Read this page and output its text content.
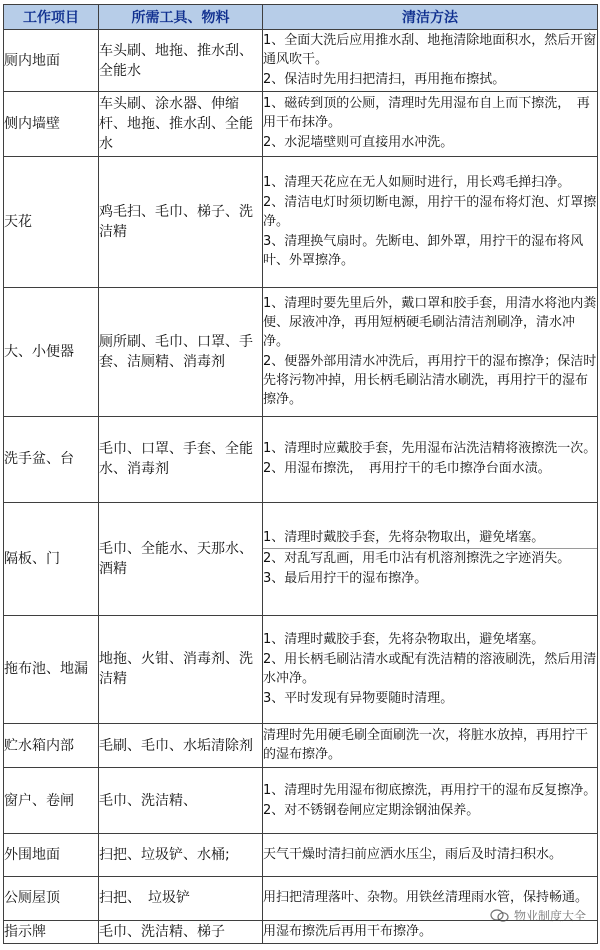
工作项目	所需工具、物料	清洁方法
厕内地面	车头刷、地拖、推水刮、全能水	1、全面大洗后应用推水刮、地拖清除地面积水，然后开窗通风吹干。
2、保洁时先用扫把清扫，再用拖布擦拭。

侧内墙壁	车头刷、涂水器、伸缩杆、地拖、推水刮、全能水	1、磁砖到顶的公厕，清理时先用湿布自上而下擦洗，　再用干布抹净。
2、水泥墙壁则可直接用水冲洗。

天花	鸡毛扫、毛巾、梯子、洗洁精	1、清理天花应在无人如厕时进行，用长鸡毛掸扫净。
2、清洁电灯时须切断电源，用拧干的湿布将灯泡、灯罩擦净。
3、清理换气扇时。先断电、卸外罩，用拧干的湿布将风叶、外罩擦净。

大、小便器	厕所刷、毛巾、口罩、手套、洁厕精、消毒剂	1、清理时要先里后外，戴口罩和胶手套，用清水将池内粪便、尿液冲净，再用短柄硬毛刷沾清洁剂刷净，清水冲净。
2、便器外部用清水冲洗后，再用拧干的湿布擦净；保洁时先将污物冲掉，用长柄毛刷沾清水刷洗，再用拧干的湿布擦净。

洗手盆、台	毛巾、口罩、手套、全能水、消毒剂	1、清理时应戴胶手套，先用湿布沾洗洁精将液擦洗一次。
2、用湿布擦洗，　再用拧干的毛巾擦净台面水渍。

隔板、门	毛巾、全能水、天那水、酒精	1、清理时戴胶手套，先将杂物取出，避免堵塞。
2、对乱写乱画，用毛巾沾有机溶剂擦洗之字迹消失。
3、最后用拧干的湿布擦净。

拖布池、地漏	地拖、火钳、消毒剂、洗洁精	1、清理时戴胶手套，先将杂物取出，避免堵塞。
2、用长柄毛刷沾清水或配有洗洁精的溶液刷洗，然后用清水冲净。
3、平时发现有异物要随时清理。

贮水箱内部	毛刷、毛巾、水垢清除剂	清理时先用硬毛刷全面刷洗一次，将脏水放掉，再用拧干的湿布擦净。

窗户、卷闸	毛巾、洗洁精、	1、清理时先用湿布彻底擦洗，再用拧干的湿布反复擦净。
2、对不锈钢卷闸应定期涂钢油保养。

外围地面	扫把、垃圾铲、水桶;	天气干燥时清扫前应洒水压尘，雨后及时清扫积水。

公厕屋顶	扫把、　垃圾铲	用扫把清理落叶、杂物。用铁丝清理雨水管，保持畅通。

指示牌	毛巾、洗洁精、梯子	用湿布擦洗后再用干布擦净。
物业制度大全
